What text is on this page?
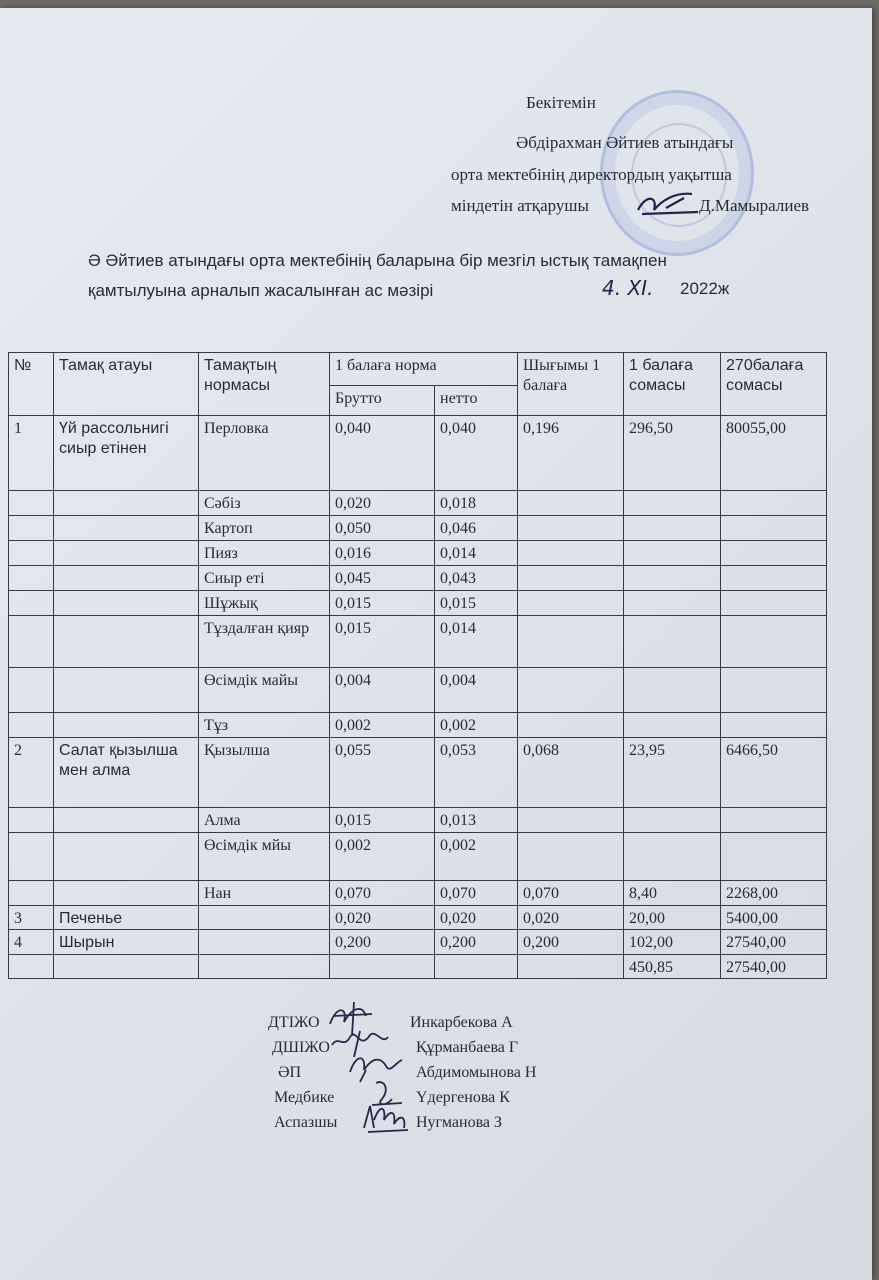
Бекітемін
Әбдірахман Әйтиев атындағы
орта мектебінің директордың уақытша
міндетін атқарушы	Д.Мамыралиев
Ә Әйтиев атындағы орта мектебінің баларына бір мезгіл ыстық тамақпен
қамтылуына арналып жасалынған ас мәзірі	4. XI. 2022ж
№	Тамақ атауы	Тамақтың нормасы	1 балаға норма		Шығымы 1 балаға	1 балаға сомасы	270балаға сомасы
			Брутто	нетто			
1	Үй рассольнигі сиыр етінен	Перловка	0,040	0,040	0,196	296,50	80055,00
		Сәбіз	0,020	0,018			
		Картоп	0,050	0,046			
		Пияз	0,016	0,014			
		Сиыр еті	0,045	0,043			
		Шұжық	0,015	0,015			
		Тұздалған қияр	0,015	0,014			
		Өсімдік майы	0,004	0,004			
		Тұз	0,002	0,002			
2	Салат қызылша мен алма	Қызылша	0,055	0,053	0,068	23,95	6466,50
		Алма	0,015	0,013			
		Өсімдік мйы	0,002	0,002			
		Нан	0,070	0,070	0,070	8,40	2268,00
3	Печенье		0,020	0,020	0,020	20,00	5400,00
4	Шырын		0,200	0,200	0,200	102,00	27540,00
						450,85	27540,00
ДТІЖО	Инкарбекова А
ДШІЖО	Құрманбаева Г
ӘП	Абдимомынова Н
Медбике	Үдергенова К
Аспазшы	Нугманова З
